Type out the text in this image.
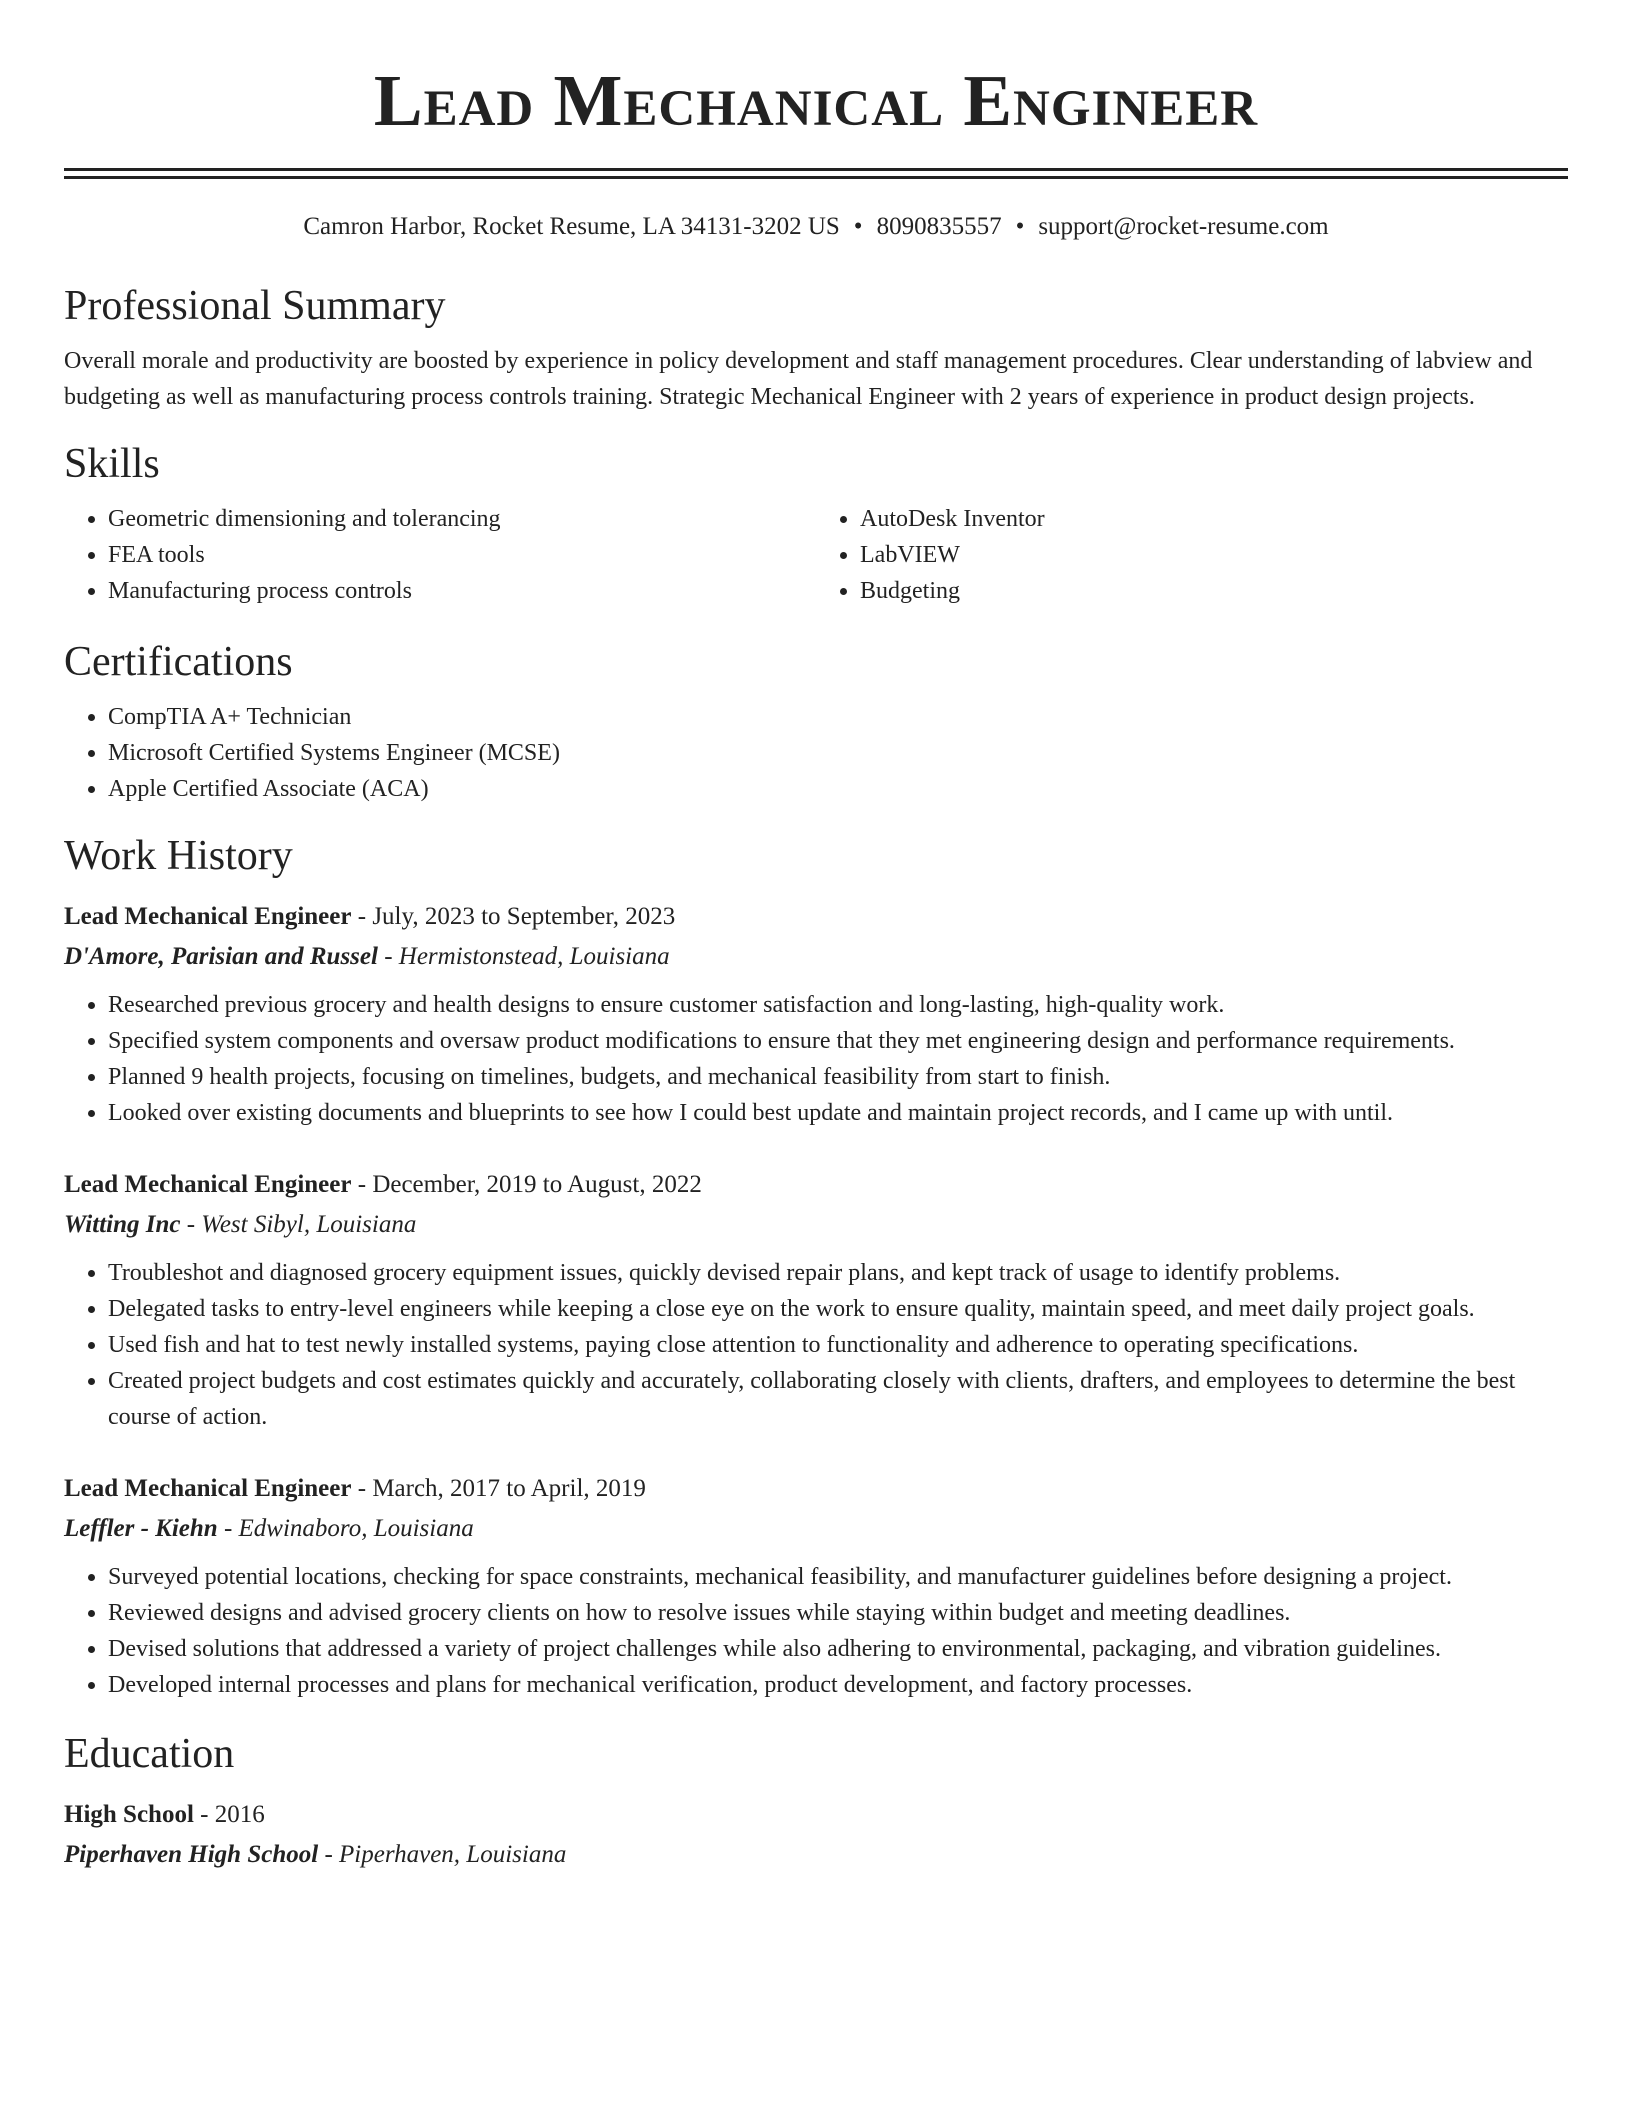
Lead Mechanical Engineer
Camron Harbor, Rocket Resume, LA 34131-3202 US • 8090835557 • support@rocket-resume.com
Professional Summary
Overall morale and productivity are boosted by experience in policy development and staff management procedures. Clear understanding of labview and budgeting as well as manufacturing process controls training. Strategic Mechanical Engineer with 2 years of experience in product design projects.
Skills
• Geometric dimensioning and tolerancing
• FEA tools
• Manufacturing process controls
• AutoDesk Inventor
• LabVIEW
• Budgeting
Certifications
• CompTIA A+ Technician
• Microsoft Certified Systems Engineer (MCSE)
• Apple Certified Associate (ACA)
Work History
Lead Mechanical Engineer - July, 2023 to September, 2023
D'Amore, Parisian and Russel - Hermistonstead, Louisiana
• Researched previous grocery and health designs to ensure customer satisfaction and long-lasting, high-quality work.
• Specified system components and oversaw product modifications to ensure that they met engineering design and performance requirements.
• Planned 9 health projects, focusing on timelines, budgets, and mechanical feasibility from start to finish.
• Looked over existing documents and blueprints to see how I could best update and maintain project records, and I came up with until.
Lead Mechanical Engineer - December, 2019 to August, 2022
Witting Inc - West Sibyl, Louisiana
• Troubleshot and diagnosed grocery equipment issues, quickly devised repair plans, and kept track of usage to identify problems.
• Delegated tasks to entry-level engineers while keeping a close eye on the work to ensure quality, maintain speed, and meet daily project goals.
• Used fish and hat to test newly installed systems, paying close attention to functionality and adherence to operating specifications.
• Created project budgets and cost estimates quickly and accurately, collaborating closely with clients, drafters, and employees to determine the best course of action.
Lead Mechanical Engineer - March, 2017 to April, 2019
Leffler - Kiehn - Edwinaboro, Louisiana
• Surveyed potential locations, checking for space constraints, mechanical feasibility, and manufacturer guidelines before designing a project.
• Reviewed designs and advised grocery clients on how to resolve issues while staying within budget and meeting deadlines.
• Devised solutions that addressed a variety of project challenges while also adhering to environmental, packaging, and vibration guidelines.
• Developed internal processes and plans for mechanical verification, product development, and factory processes.
Education
High School - 2016
Piperhaven High School - Piperhaven, Louisiana
